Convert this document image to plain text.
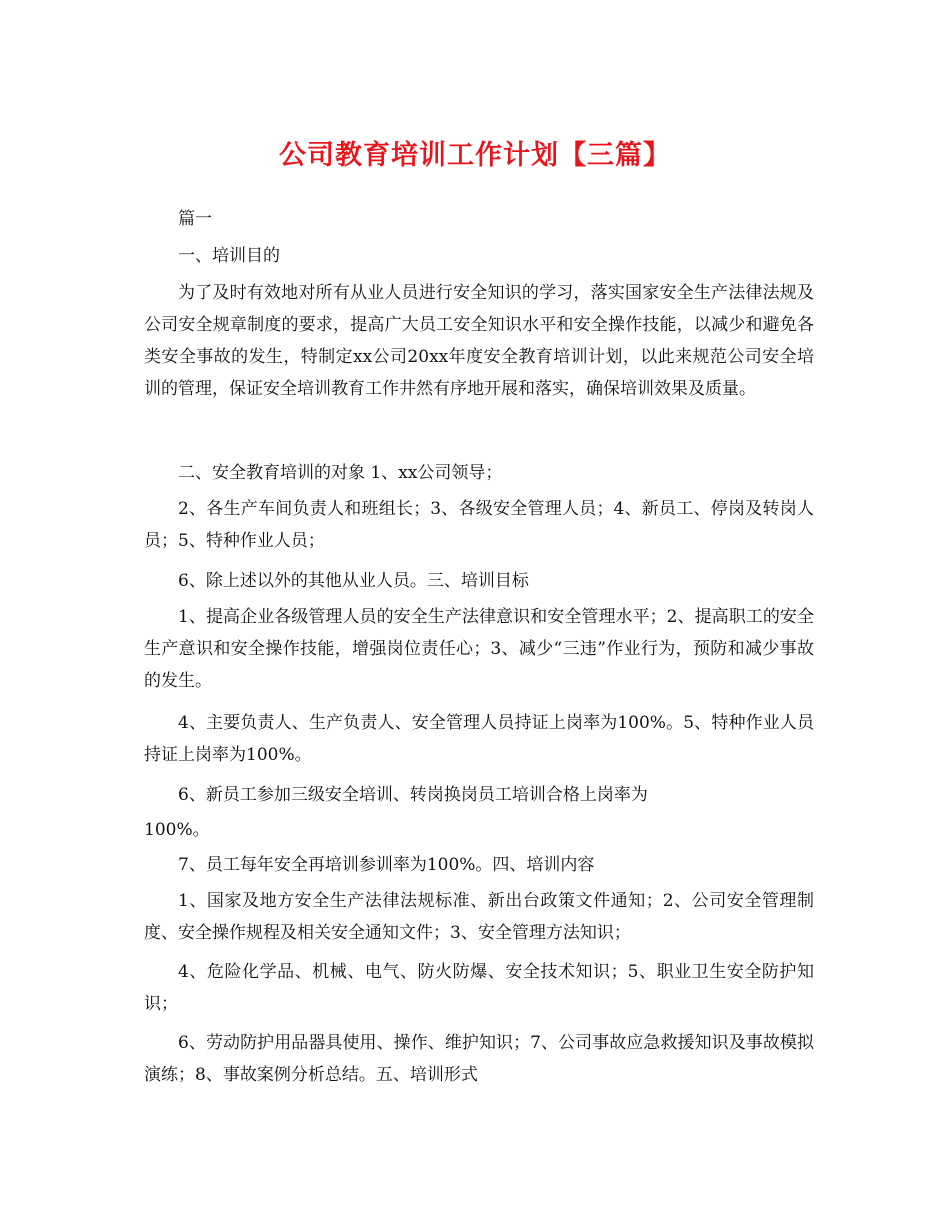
公司教育培训工作计划【三篇】

篇一

一、培训目的

为了及时有效地对所有从业人员进行安全知识的学习，落实国家安全生产法律法规及公司安全规章制度的要求，提高广大员工安全知识水平和安全操作技能，以减少和避免各类安全事故的发生，特制定xx公司20xx年度安全教育培训计划，以此来规范公司安全培训的管理，保证安全培训教育工作井然有序地开展和落实，确保培训效果及质量。

二、安全教育培训的对象 1、xx公司领导；

2、各生产车间负责人和班组长；3、各级安全管理人员；4、新员工、停岗及转岗人员；5、特种作业人员；

6、除上述以外的其他从业人员。三、培训目标

1、提高企业各级管理人员的安全生产法律意识和安全管理水平；2、提高职工的安全生产意识和安全操作技能，增强岗位责任心；3、减少“三违”作业行为，预防和减少事故的发生。

4、主要负责人、生产负责人、安全管理人员持证上岗率为100%。5、特种作业人员持证上岗率为100%。

6、新员工参加三级安全培训、转岗换岗员工培训合格上岗率为

100%。

7、员工每年安全再培训参训率为100%。四、培训内容

1、国家及地方安全生产法律法规标准、新出台政策文件通知；2、公司安全管理制度、安全操作规程及相关安全通知文件；3、安全管理方法知识；

4、危险化学品、机械、电气、防火防爆、安全技术知识；5、职业卫生安全防护知识；

6、劳动防护用品器具使用、操作、维护知识；7、公司事故应急救援知识及事故模拟演练；8、事故案例分析总结。五、培训形式
